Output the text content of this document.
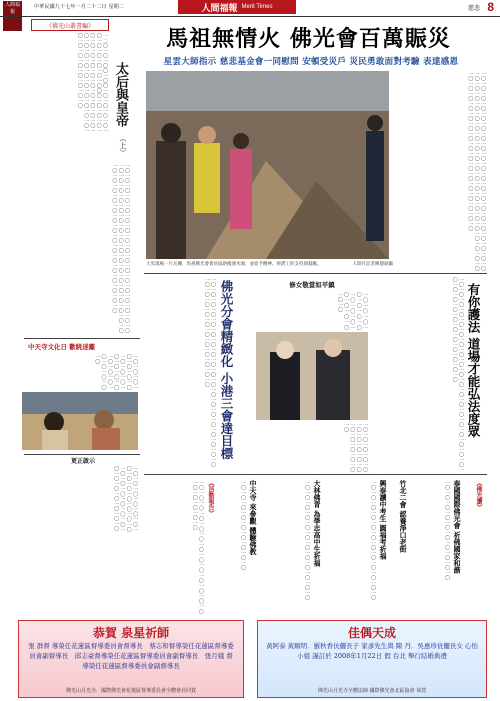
人間福報
中華民國九十七年一月二十二日 星期二	人間福報 Merit Times	慈悲 8
《佛光山叢書編》
太后與皇帝
（上）
一二〇一〇一〇〇一〇〇一〇一〇一〇一〇一〇一〇一〇一〇一〇一〇〇〇一〇一〇一〇一〇一〇一〇一〇一〇一〇一〇一〇一〇一〇一〇一〇一〇一〇一〇一〇一〇一〇一〇一〇一〇一〇一〇一〇一〇一〇一〇一〇
一〇一〇一〇一〇一〇一〇一〇一〇一〇一〇一〇一〇一〇一〇一〇一〇一〇一〇一〇一〇一〇一〇一〇一〇一〇一〇一〇一〇一〇一〇一〇一〇一〇一〇一〇一〇一〇一〇一〇一〇一〇一〇一〇一〇一〇一〇一〇一〇一〇
中天寺文化日 歡眺迷離
一〇一〇一〇一〇一〇一〇一〇一〇一〇一〇一〇一〇一〇一〇一〇一〇一〇一〇一〇一〇一〇一〇
更正啟示
一〇一〇一〇一〇一〇一〇一〇一〇一〇一〇一〇一〇一〇一〇一〇一〇一〇一〇一〇一〇一〇一〇一〇一〇一〇一〇
馬祖無情火 佛光會百萬賑災
星雲大師指示 慈悲基金會一同慰問 安頓受災戶 災民勇敢面對考驗 表達感恩
大災現場一片瓦礫，馬祖佛光會會員協助搬運木頭，並給予精神、經濟上的支持與鼓勵。	人間社記者陳德斌攝	一〇一〇一〇一〇一〇一〇一〇一〇一〇一〇一〇一〇一〇一〇一〇一〇一〇一〇一〇一〇一〇一〇一〇一〇一〇一〇一〇一〇一〇一〇一〇一〇一〇一〇一〇一〇一〇一〇一〇一〇一〇一〇一〇一〇一〇一〇一〇一〇一〇一〇一〇一〇一〇一〇一〇一〇
一〇一〇一〇一〇一〇一〇一〇一〇一〇一〇一〇一〇一〇一〇一〇一〇一〇一〇一〇一〇一〇一〇一〇一〇一〇一〇一〇一〇一〇一〇 佛光分會精緻化 小港三會達目標	修女敬當如平鎮
一〇一〇一〇一〇一〇一〇一〇一〇一〇一〇一〇一〇一〇一〇一〇一〇
一〇一〇一〇一〇一〇一〇一〇一〇一〇一〇一〇一〇一〇一〇一〇一〇	一〇一〇一〇一〇一〇一〇一〇一〇一〇一〇一〇一〇一〇一〇一〇一〇一〇一〇一〇一〇一〇一〇一〇一〇一〇一〇一〇一〇一〇一〇 有你護法 道場才能弘法度眾
《活動報告》	中天寺 來參觀 體驗佛教	大林佛青 為學志高中生祈福	興泰讀中考生 圓福考祈福 竹北二會 認養淨口老街	泰國國際佛光會 祈佛國家和諧 《佛光讚》
一〇一〇一〇一〇一〇一〇一〇一〇一〇一〇一〇一〇一〇一〇一〇一〇一〇一〇	一〇一〇一〇一〇一〇一〇一〇一〇一〇	一〇一〇一〇一〇一〇一〇一〇一〇一〇一〇一〇一〇	一〇一〇一〇一〇一〇一〇一〇一〇一〇一〇一〇一〇	一〇一〇一〇一〇一〇一〇一〇一〇一〇一〇
恭賀 泉星祈師
張 群督 導榮任花蓮區督導委員會督導長　蔡志和督導榮任花蓮區督導委員會副督導長　邱志豪督導榮任花蓮區督導委員會副督導長　張月娥 督導榮任花蓮區督導委員會副督導長
佛光山月光寺．國際佛光會花蓮區督導委員會全體會員同賀
佳偶天成
黃阿泰 黃順明．羅秋香伉儷長子 家彥先生與 陳 丹．吳惠珍伉儷長女 心怡小姐 謹訂於 2008年1月22日 假 台北 舉行結婚典禮
佛光山月光寺全體法師 國際佛光會北區協會 恭賀
